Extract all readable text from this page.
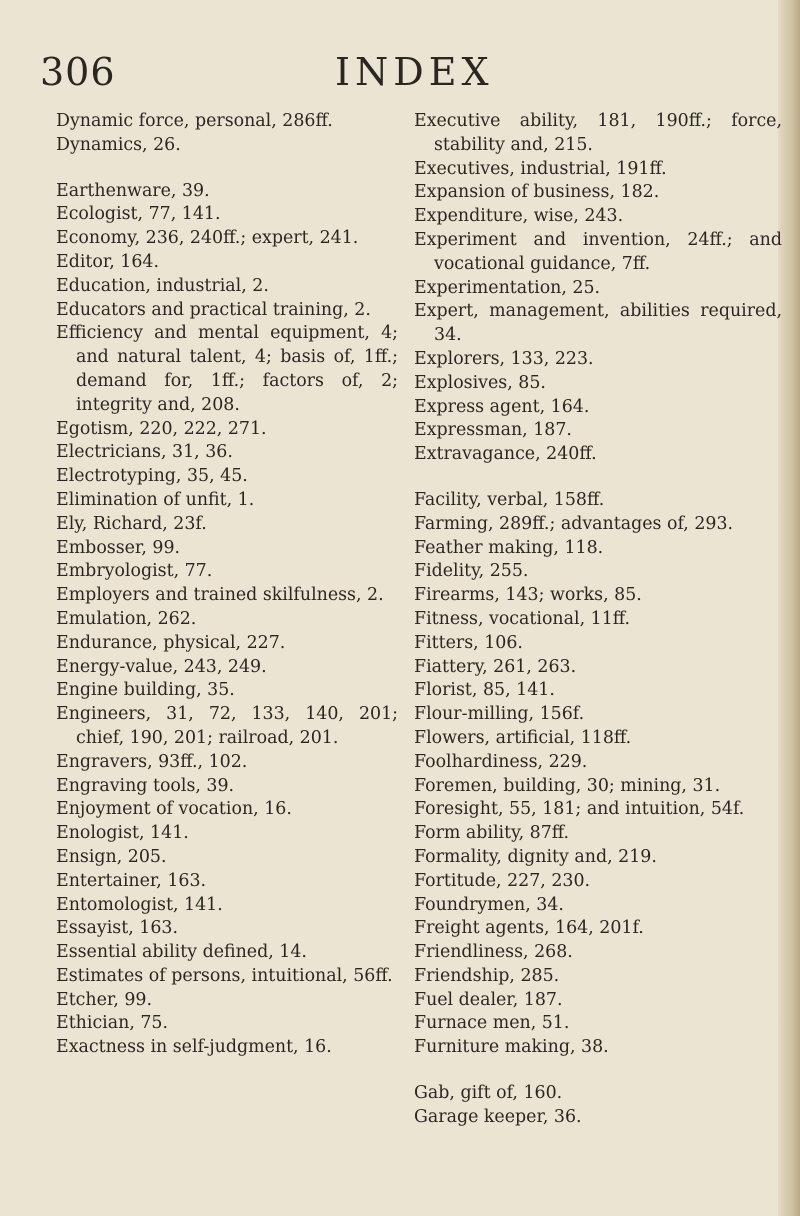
306	INDEX

Dynamic force, personal, 286ff.

Dynamics, 26.

Earthenware, 39.

Ecologist, 77, 141.

Economy, 236, 240ff.; expert, 241.

Editor, 164.

Education, industrial, 2.

Educators and practical training, 2.

Efficiency and mental equipment, 4; and natural talent, 4; basis of, 1ff.; demand for, 1ff.; factors of, 2; integrity and, 208.

Egotism, 220, 222, 271.

Electricians, 31, 36.

Electrotyping, 35, 45.

Elimination of unfit, 1.

Ely, Richard, 23f.

Embosser, 99.

Embryologist, 77.

Employers and trained skilfulness, 2.

Emulation, 262.

Endurance, physical, 227.

Energy-value, 243, 249.

Engine building, 35.

Engineers, 31, 72, 133, 140, 201; chief, 190, 201; railroad, 201.

Engravers, 93ff., 102.

Engraving tools, 39.

Enjoyment of vocation, 16.

Enologist, 141.

Ensign, 205.

Entertainer, 163.

Entomologist, 141.

Essayist, 163.

Essential ability defined, 14.

Estimates of persons, intuitional, 56ff.

Etcher, 99.

Ethician, 75.

Exactness in self-judgment, 16.

Executive ability, 181, 190ff.; force, stability and, 215.

Executives, industrial, 191ff.

Expansion of business, 182.

Expenditure, wise, 243.

Experiment and invention, 24ff.; and vocational guidance, 7ff.

Experimentation, 25.

Expert, management, abilities required, 34.

Explorers, 133, 223.

Explosives, 85.

Express agent, 164.

Expressman, 187.

Extravagance, 240ff.

Facility, verbal, 158ff.

Farming, 289ff.; advantages of, 293.

Feather making, 118.

Fidelity, 255.

Firearms, 143; works, 85.

Fitness, vocational, 11ff.

Fitters, 106.

Fiattery, 261, 263.

Florist, 85, 141.

Flour-milling, 156f.

Flowers, artificial, 118ff.

Foolhardiness, 229.

Foremen, building, 30; mining, 31.

Foresight, 55, 181; and intuition, 54f.

Form ability, 87ff.

Formality, dignity and, 219.

Fortitude, 227, 230.

Foundrymen, 34.

Freight agents, 164, 201f.

Friendliness, 268.

Friendship, 285.

Fuel dealer, 187.

Furnace men, 51.

Furniture making, 38.

Gab, gift of, 160.

Garage keeper, 36.
